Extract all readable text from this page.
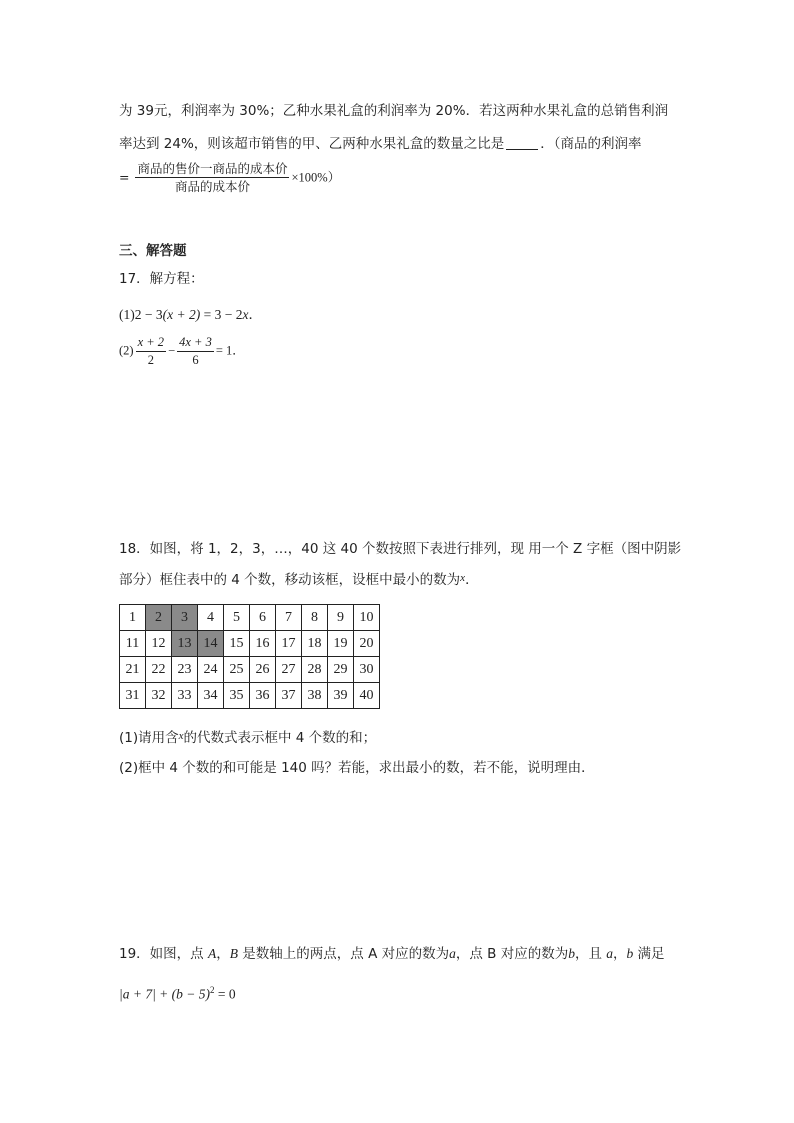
为 39元，利润率为 30%；乙种水果礼盒的利润率为 20%．若这两种水果礼盒的总销售利润
率达到 24%，则该超市销售的甲、乙两种水果礼盒的数量之比是	．（商品的利润率
= $\frac{\text{商品的售价一商品的成本价}}{\text{商品的成本价}} \times 100\%$）
三、解答题
17．解方程：
(1)2 − 3(x + 2) = 3 − 2x．
$(2) \frac{x + 2}{2} - \frac{4x + 3}{6} = 1$．
18．如图，将 1，2，3，…，40 这 40 个数按照下表进行排列，现 用一个 Z 字框（图中阴影
部分）框住表中的 4 个数，移动该框，设框中最小的数为$^x$．
1	2	3	4	5	6	7	8	9	10
11	12	13	14	15	16	17	18	19	20
21	22	23	24	25	26	27	28	29	30
31	32	33	34	35	36	37	38	39	40
(1)请用含$^x$的代数式表示框中 4 个数的和；
(2)框中 4 个数的和可能是 140 吗？若能，求出最小的数，若不能，说明理由．
19．如图，点 A，B 是数轴上的两点，点 A 对应的数为a，点 B 对应的数为b，且 a，b 满足
$|a + 7| + (b - 5)^2 = 0$
